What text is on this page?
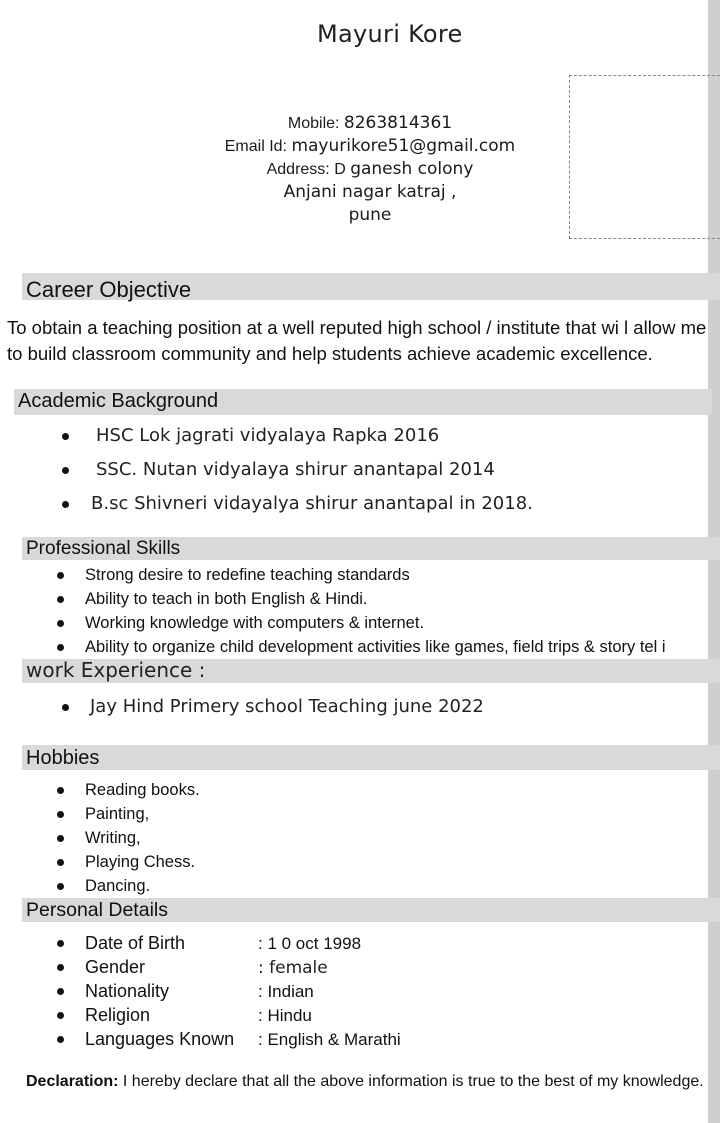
Mayuri Kore
Mobile: 8263814361
Email Id: mayurikore51@gmail.com
Address: D ganesh colony
Anjani nagar katraj ,
pune
Career Objective
To obtain a teaching position at a well reputed high school / institute that wi l allow me to build classroom community and help students achieve academic excellence.
Academic Background
HSC Lok jagrati vidyalaya Rapka 2016
SSC. Nutan vidyalaya shirur anantapal 2014
B.sc Shivneri vidayalya shirur anantapal in 2018.
Professional Skills
Strong desire to redefine teaching standards
Ability to teach in both English & Hindi.
Working knowledge with computers & internet.
Ability to organize child development activities like games, field trips & story tel i
work Experience :
Jay Hind Primery school Teaching june 2022
Hobbies
Reading books.
Painting,
Writing,
Playing Chess.
Dancing.
Personal Details
Date of Birth	: 1 0 oct 1998
Gender	: female
Nationality	: Indian
Religion	: Hindu
Languages Known : English & Marathi
Declaration: I hereby declare that all the above information is true to the best of my knowledge.
